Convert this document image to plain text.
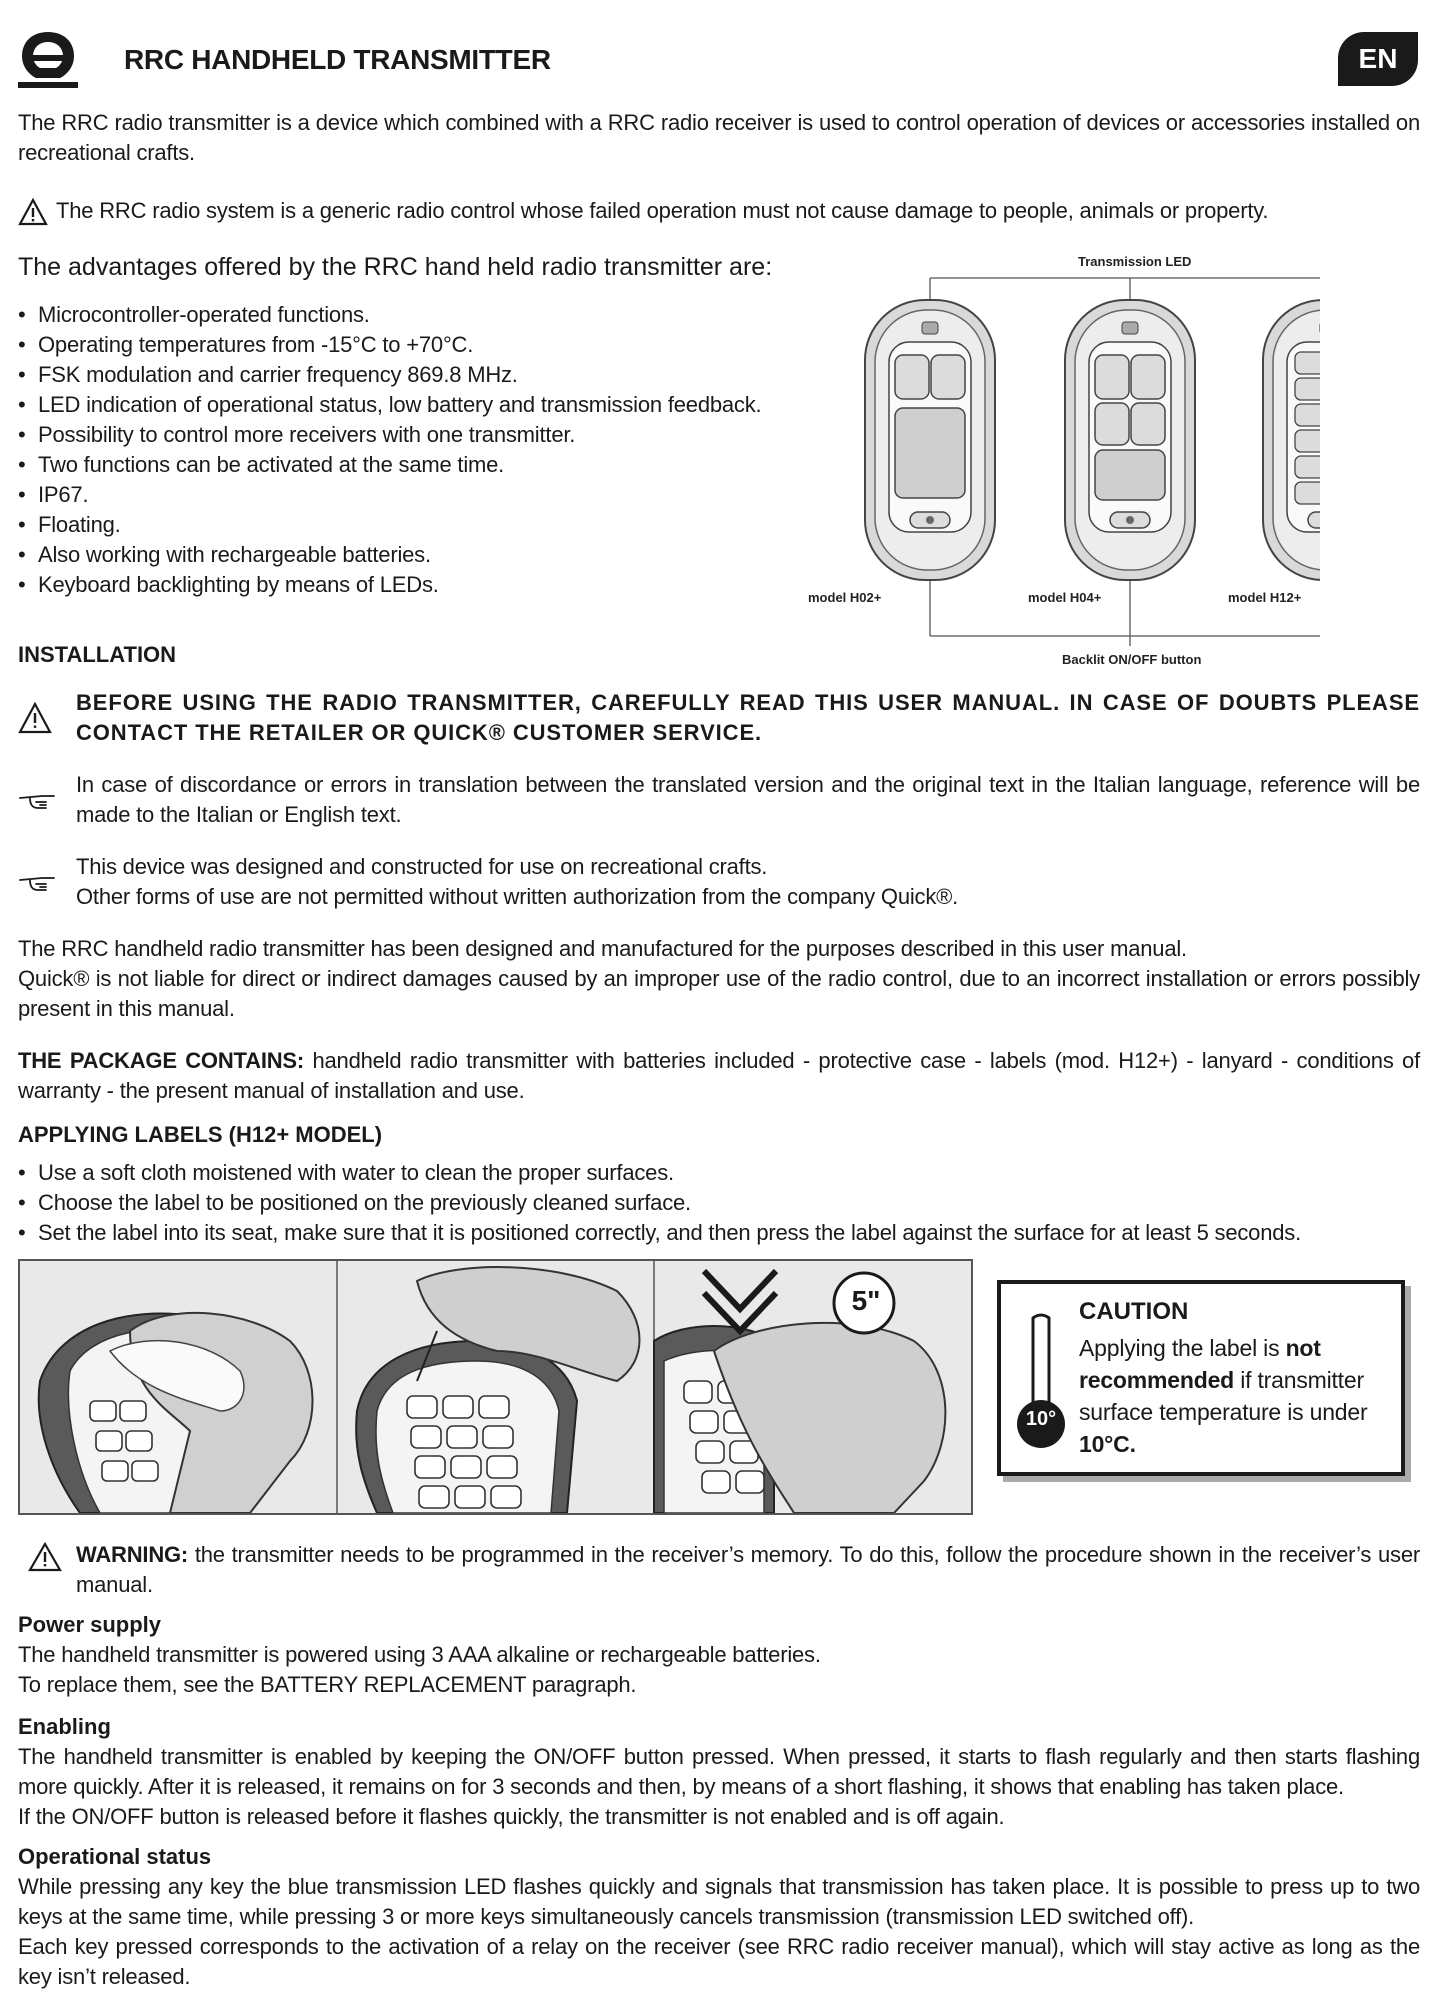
RRC HANDHELD TRANSMITTER	EN

The RRC radio transmitter is a device which combined with a RRC radio receiver is used to control operation of devices or accessories installed on recreational crafts.

The RRC radio system is a generic radio control whose failed operation must not cause damage to people, animals or property.
The advantages offered by the RRC hand held radio transmitter are:
• Microcontroller-operated functions.
• Operating temperatures from -15°C to +70°C.
• FSK modulation and carrier frequency 869.8 MHz.
• LED indication of operational status, low battery and transmission feedback.
• Possibility to control more receivers with one transmitter.
• Two functions can be activated at the same time.
• IP67.
• Floating.
• Also working with rechargeable batteries.
• Keyboard backlighting by means of LEDs.
Transmission LED
model H02+	model H04+	model H12+
Backlit ON/OFF button
INSTALLATION
BEFORE USING THE RADIO TRANSMITTER, CAREFULLY READ THIS USER MANUAL. IN CASE OF DOUBTS PLEASE CONTACT THE RETAILER OR QUICK® CUSTOMER SERVICE.

In case of discordance or errors in translation between the translated version and the original text in the Italian language, reference will be made to the Italian or English text.

This device was designed and constructed for use on recreational crafts.
Other forms of use are not permitted without written authorization from the company Quick®.
The RRC handheld radio transmitter has been designed and manufactured for the purposes described in this user manual.

Quick® is not liable for direct or indirect damages caused by an improper use of the radio control, due to an incorrect installation or errors possibly present in this manual.

THE PACKAGE CONTAINS: handheld radio transmitter with batteries included - protective case - labels (mod. H12+) - lanyard - conditions of warranty - the present manual of installation and use.

APPLYING LABELS (H12+ MODEL)
• Use a soft cloth moistened with water to clean the proper surfaces.
• Choose the label to be positioned on the previously cleaned surface.
• Set the label into its seat, make sure that it is positioned correctly, and then press the label against the surface for at least 5 seconds.
5"
10°
CAUTION
Applying the label is not recommended if transmitter surface temperature is under 10°C.

WARNING: the transmitter needs to be programmed in the receiver’s memory. To do this, follow the procedure shown in the receiver’s user manual.

Power supply
The handheld transmitter is powered using 3 AAA alkaline or rechargeable batteries.
To replace them, see the BATTERY REPLACEMENT paragraph.
Enabling

The handheld transmitter is enabled by keeping the ON/OFF button pressed. When pressed, it starts to flash regularly and then starts flashing more quickly. After it is released, it remains on for 3 seconds and then, by means of a short flashing, it shows that enabling has taken place.

If the ON/OFF button is released before it flashes quickly, the transmitter is not enabled and is off again.

Operational status

While pressing any key the blue transmission LED flashes quickly and signals that transmission has taken place. It is possible to press up to two keys at the same time, while pressing 3 or more keys simultaneously cancels transmission (transmission LED switched off).

Each key pressed corresponds to the activation of a relay on the receiver (see RRC radio receiver manual), which will stay active as long as the key isn’t released.
